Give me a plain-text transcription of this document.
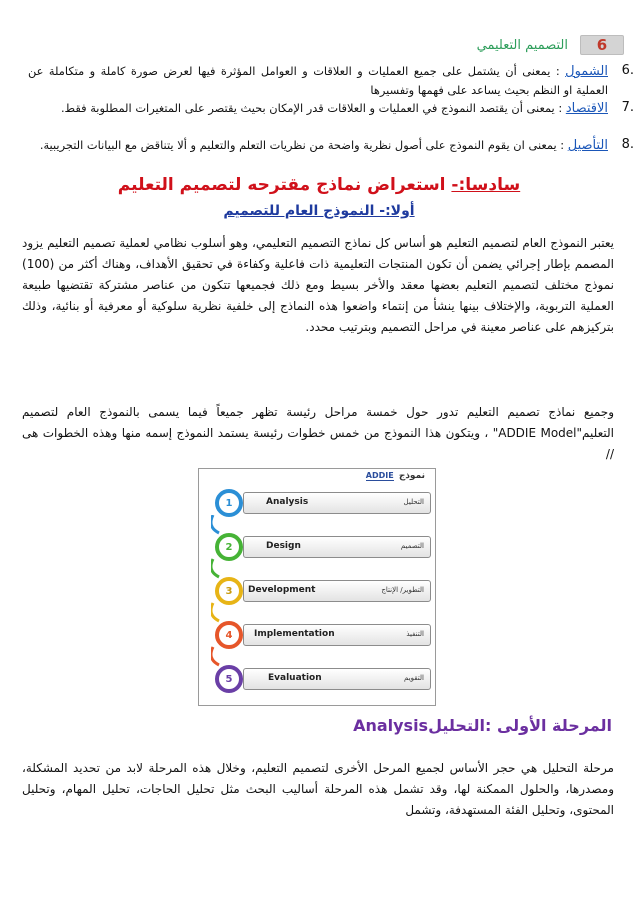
6
التصميم التعليمي
الشمول : يمعنى أن يشتمل على جميع العمليات و العلاقات و العوامل المؤثرة فيها لعرض صورة كاملة و متكاملة عن العملية او النظم بحيث يساعد على فهمها وتفسيرها
6.
الاقتصاد : يمعنى أن يقتصد النموذج في العمليات و العلاقات قدر الإمكان بحيث يقتصر على المتغيرات المطلوبة فقط.	7.
التأصيل : يمعنى ان يقوم النموذج على أصول نظرية واضحة من نظريات التعلم والتعليم و ألا يتناقض مع البيانات التجريبية.	8.
سادسا:- استعراض نماذج مقترحه لتصميم التعليم
أولا:- النموذج العام للتصميم
يعتبر النموذج العام لتصميم التعليم هو أساس كل نماذج التصميم التعليمي، وهو أسلوب نظامي لعملية تصميم التعليم يزود المصمم بإطار إجرائي يضمن أن تكون المنتجات التعليمية ذات فاعلية وكفاءة في تحقيق الأهداف، وهناك أكثر من (100) نموذج مختلف لتصميم التعليم بعضها معقد والأخر بسيط ومع ذلك فجميعها تتكون من عناصر مشتركة تقتضيها طبيعة العملية التربوية، والإختلاف بينها ينشأ من إنتماء واضعوا هذه النماذج إلى خلفية نظرية سلوكية أو معرفية أو بنائية، وذلك بتركيزهم على عناصر معينة في مراحل التصميم وبترتيب محدد.
وجميع نماذج تصميم التعليم تدور حول خمسة مراحل رئيسة تظهر جميعاً فيما يسمى بالنموذج العام لتصميم التعليم"ADDIE Model" ، ويتكون هذا النموذج من خمس خطوات رئيسة يستمد النموذج إسمه منها وهذه الخطوات هى //
ADDIE نموذج
1	Analysis	التحليل
2	Design	التصميم
3	Development	التطوير/ الإنتاج
4	Implementation	التنفيذ
5	Evaluation	التقويم
المرحلة الأولى :التحليلAnalysis
مرحلة التحليل هي حجر الأساس لجميع المرحل الأخرى لتصميم التعليم، وخلال هذه المرحلة لابد من تحديد المشكلة، ومصدرها، والحلول الممكنة لها، وقد تشمل هذه المرحلة أساليب البحث مثل تحليل الحاجات، تحليل المهام، وتحليل المحتوى، وتحليل الفئة المستهدفة، وتشمل
